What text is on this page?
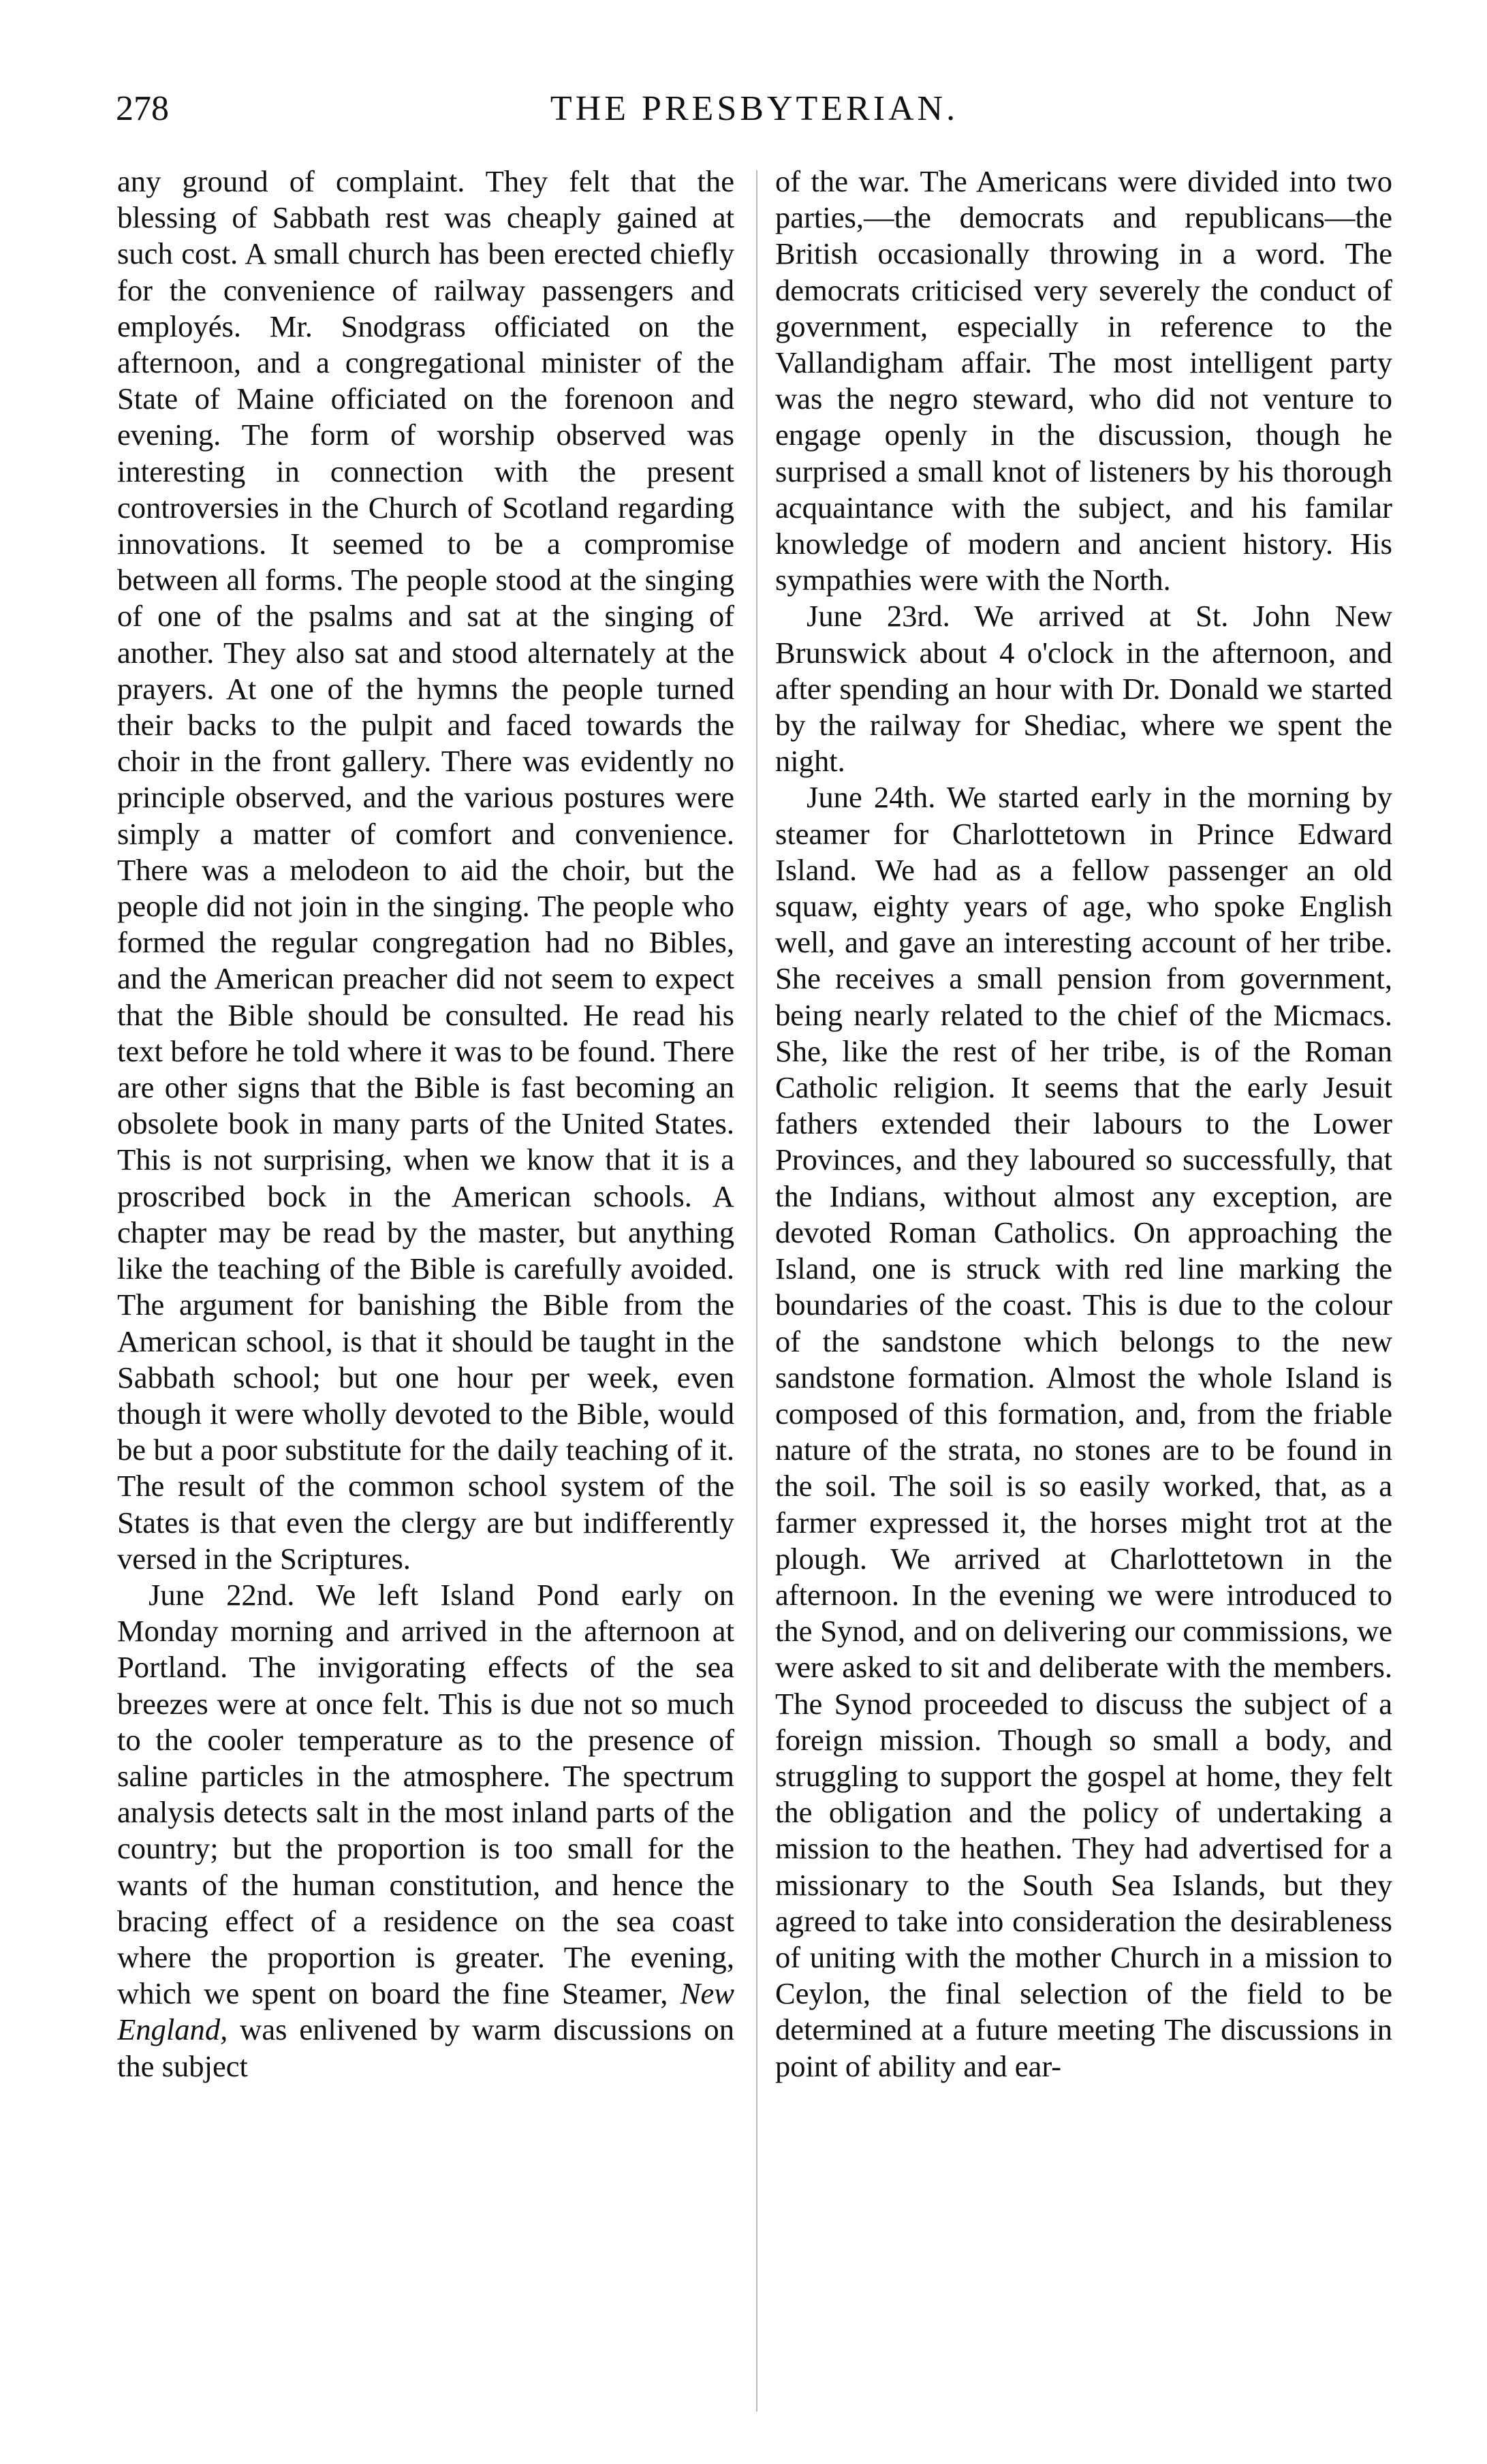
278	THE PRESBYTERIAN.

any ground of complaint. They felt that the blessing of Sabbath rest was cheaply gained at such cost. A small church has been erected chiefly for the convenience of railway passengers and employés. Mr. Snodgrass officiated on the afternoon, and a congregational minister of the State of Maine officiated on the forenoon and evening. The form of worship observed was interesting in connection with the present controversies in the Church of Scotland regarding innovations. It seemed to be a compromise between all forms. The people stood at the singing of one of the psalms and sat at the singing of another. They also sat and stood alternately at the prayers. At one of the hymns the people turned their backs to the pulpit and faced towards the choir in the front gallery. There was evidently no principle observed, and the various postures were simply a matter of comfort and convenience. There was a melodeon to aid the choir, but the people did not join in the singing. The people who formed the regular congregation had no Bibles, and the American preacher did not seem to expect that the Bible should be consulted. He read his text before he told where it was to be found. There are other signs that the Bible is fast becoming an obsolete book in many parts of the United States. This is not surprising, when we know that it is a proscribed bock in the American schools. A chapter may be read by the master, but anything like the teaching of the Bible is carefully avoided. The argument for banishing the Bible from the American school, is that it should be taught in the Sabbath school; but one hour per week, even though it were wholly devoted to the Bible, would be but a poor substitute for the daily teaching of it. The result of the common school system of the States is that even the clergy are but indifferently versed in the Scriptures.

June 22nd. We left Island Pond early on Monday morning and arrived in the afternoon at Portland. The invigorating effects of the sea breezes were at once felt. This is due not so much to the cooler temperature as to the presence of saline particles in the atmosphere. The spectrum analysis detects salt in the most inland parts of the country; but the proportion is too small for the wants of the human constitution, and hence the bracing effect of a residence on the sea coast where the proportion is greater. The evening, which we spent on board the fine Steamer, New England, was enlivened by warm discussions on the subject

of the war. The Americans were divided into two parties,—the democrats and republicans—the British occasionally throwing in a word. The democrats criticised very severely the conduct of government, especially in reference to the Vallandigham affair. The most intelligent party was the negro steward, who did not venture to engage openly in the discussion, though he surprised a small knot of listeners by his thorough acquaintance with the subject, and his familar knowledge of modern and ancient history. His sympathies were with the North.

June 23rd. We arrived at St. John New Brunswick about 4 o'clock in the afternoon, and after spending an hour with Dr. Donald we started by the railway for Shediac, where we spent the night.

June 24th. We started early in the morning by steamer for Charlottetown in Prince Edward Island. We had as a fellow passenger an old squaw, eighty years of age, who spoke English well, and gave an interesting account of her tribe. She receives a small pension from government, being nearly related to the chief of the Micmacs. She, like the rest of her tribe, is of the Roman Catholic religion. It seems that the early Jesuit fathers extended their labours to the Lower Provinces, and they laboured so successfully, that the Indians, without almost any exception, are devoted Roman Catholics. On approaching the Island, one is struck with red line marking the boundaries of the coast. This is due to the colour of the sandstone which belongs to the new sandstone formation. Almost the whole Island is composed of this formation, and, from the friable nature of the strata, no stones are to be found in the soil. The soil is so easily worked, that, as a farmer expressed it, the horses might trot at the plough. We arrived at Charlottetown in the afternoon. In the evening we were introduced to the Synod, and on delivering our commissions, we were asked to sit and deliberate with the members. The Synod proceeded to discuss the subject of a foreign mission. Though so small a body, and struggling to support the gospel at home, they felt the obligation and the policy of undertaking a mission to the heathen. They had advertised for a missionary to the South Sea Islands, but they agreed to take into consideration the desirableness of uniting with the mother Church in a mission to Ceylon, the final selection of the field to be determined at a future meeting The discussions in point of ability and ear-
